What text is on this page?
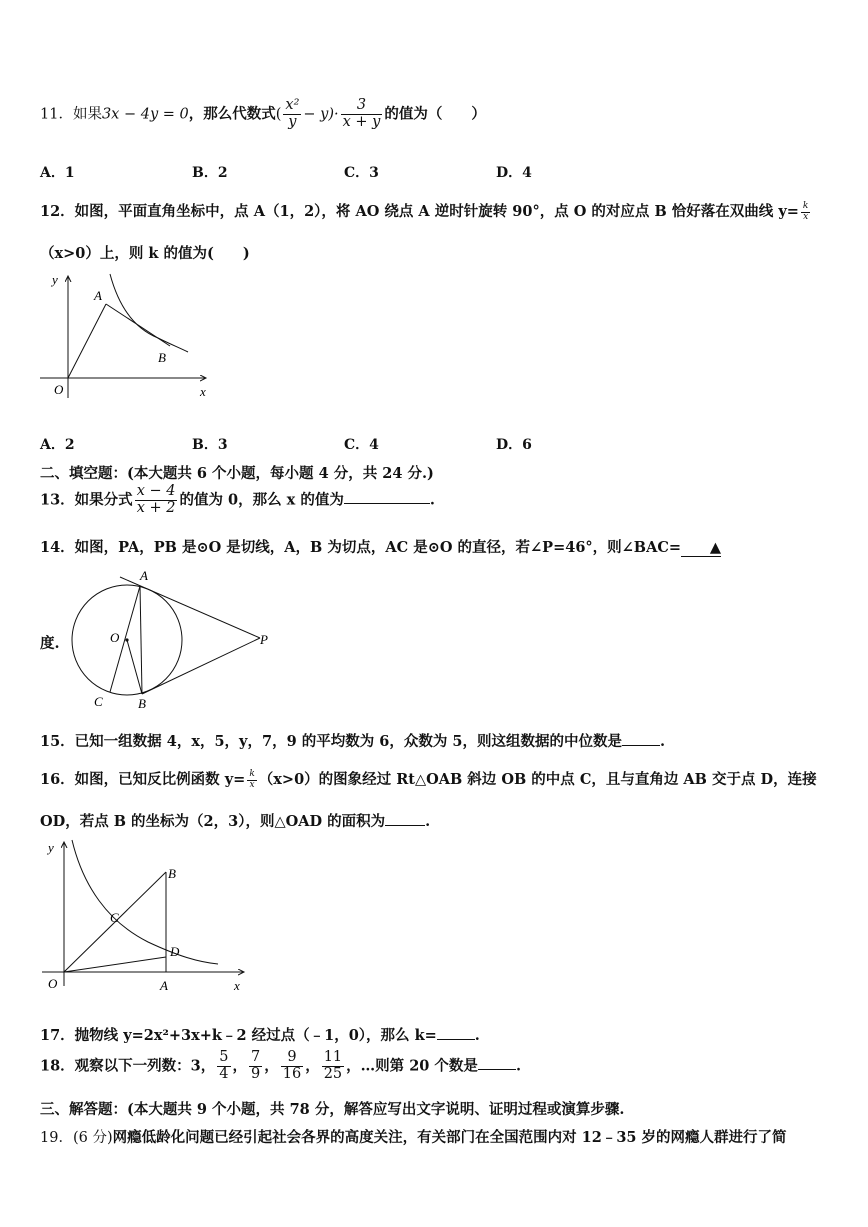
11．如果3x − 4y = 0，那么代数式( $\frac{\text{x²}}{y} - y)\cdot \frac{3}{x + y}$ 的值为（　　）
A．1	B．2	C．3	D．4
12．如图，平面直角坐标中，点 A（1，2），将 AO 绕点 A 逆时针旋转 90°，点 O 的对应点 B 恰好落在双曲线 $y= \frac{k}{x}$
（x>0）上，则 k 的值为(　　)
y
A
B
O	x
A．2	B．3	C．4	D．6
二、填空题：(本大题共 6 个小题，每小题 4 分，共 24 分.)
13．如果分式 $\frac{x - 4}{x + 2}$ 的值为 0，那么 x 的值为	.
14．如图，PA，PB 是⊙O 是切线，A，B 为切点，AC 是⊙O 的直径，若∠P=46°，则∠BAC= ▲
度.
A
O	P
C	B
15．已知一组数据 4，x，5，y，7，9 的平均数为 6，众数为 5，则这组数据的中位数是	.
16．如图，已知反比例函数 $y= \frac{k}{x} (x>0)$的图象经过 Rt△OAB 斜边 OB 的中点 C，且与直角边 AB 交于点 D，连接
OD，若点 B 的坐标为（2，3），则△OAD 的面积为	.
y
B
C
D
O	A	x
17．抛物线 y=2x²+3x+k﹣2 经过点（﹣1，0），那么 k=	.
18．观察以下一列数：3， $\frac{5}{4}$ ， $\frac{7}{9}$ ， $\frac{9}{16}$ ， $\frac{11}{25}$ ，…则第 20 个数是	.
三、解答题：(本大题共 9 个小题，共 78 分，解答应写出文字说明、证明过程或演算步骤.
19．(6 分)网瘾低龄化问题已经引起社会各界的高度关注，有关部门在全国范围内对 12﹣35 岁的网瘾人群进行了简
